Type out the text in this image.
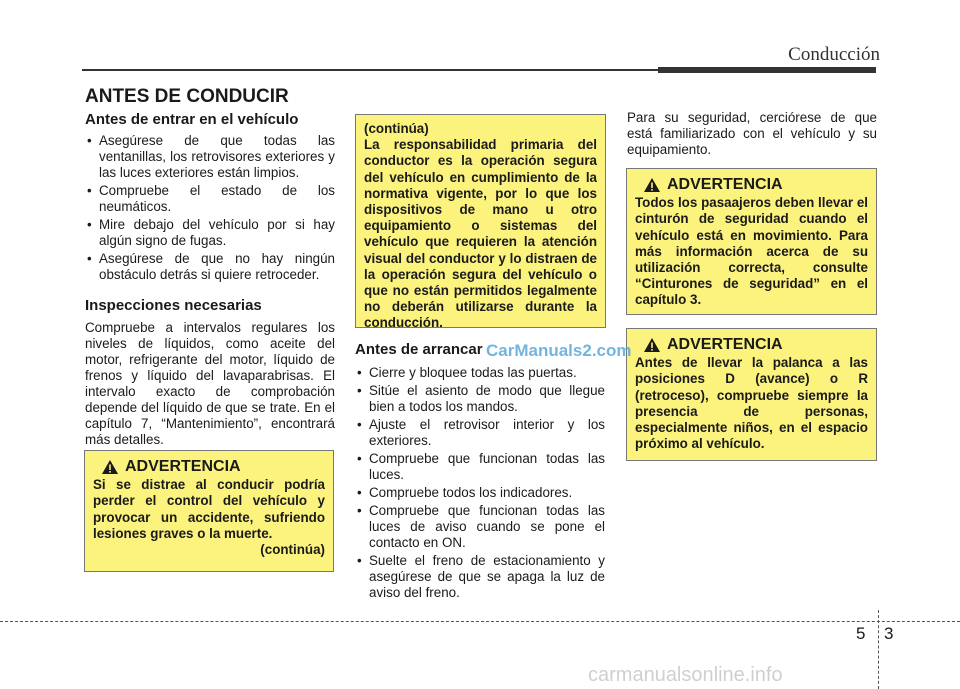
Conducción
ANTES DE CONDUCIR

Antes de entrar en el vehículo

• Asegúrese de que todas las ventanillas, los retrovisores exteriores y las luces exteriores están limpios.
• Compruebe el estado de los neumáticos.
• Mire debajo del vehículo por si hay algún signo de fugas.
• Asegúrese de que no hay ningún obstáculo detrás si quiere retroceder.

Inspecciones necesarias

Compruebe a intervalos regulares los niveles de líquidos, como aceite del motor, refrigerante del motor, líquido de frenos y líquido del lavaparabrisas. El intervalo exacto de comprobación depende del líquido de que se trate. En el capítulo 7, “Mantenimiento”, encontrará más detalles.
ADVERTENCIA
Si se distrae al conducir podría perder el control del vehículo y provocar un accidente, sufriendo lesiones graves o la muerte.
(continúa)
(continúa)
La responsabilidad primaria del conductor es la operación segura del vehículo en cumplimiento de la normativa vigente, por lo que los dispositivos de mano u otro equipamiento o sistemas del vehículo que requieren la atención visual del conductor y lo distraen de la operación segura del vehículo o que no están permitidos legalmente no deberán utilizarse durante la conducción.

Antes de arrancar

• Cierre y bloquee todas las puertas.
• Sitúe el asiento de modo que llegue bien a todos los mandos.
• Ajuste el retrovisor interior y los exteriores.
• Compruebe que funcionan todas las luces.
• Compruebe todos los indicadores.
• Compruebe que funcionan todas las luces de aviso cuando se pone el contacto en ON.
• Suelte el freno de estacionamiento y asegúrese de que se apaga la luz de aviso del freno.
Para su seguridad, cerciórese de que está familiarizado con el vehículo y su equipamiento.
ADVERTENCIA
Todos los pasaajeros deben llevar el cinturón de seguridad cuando el vehículo está en movimiento. Para más información acerca de su utilización correcta, consulte “Cinturones de seguridad” en el capítulo 3.
ADVERTENCIA
Antes de llevar la palanca a las posiciones D (avance) o R (retroceso), compruebe siempre la presencia de personas, especialmente niños, en el espacio próximo al vehículo.
CarManuals2.com
5 3
carmanualsonline.info
